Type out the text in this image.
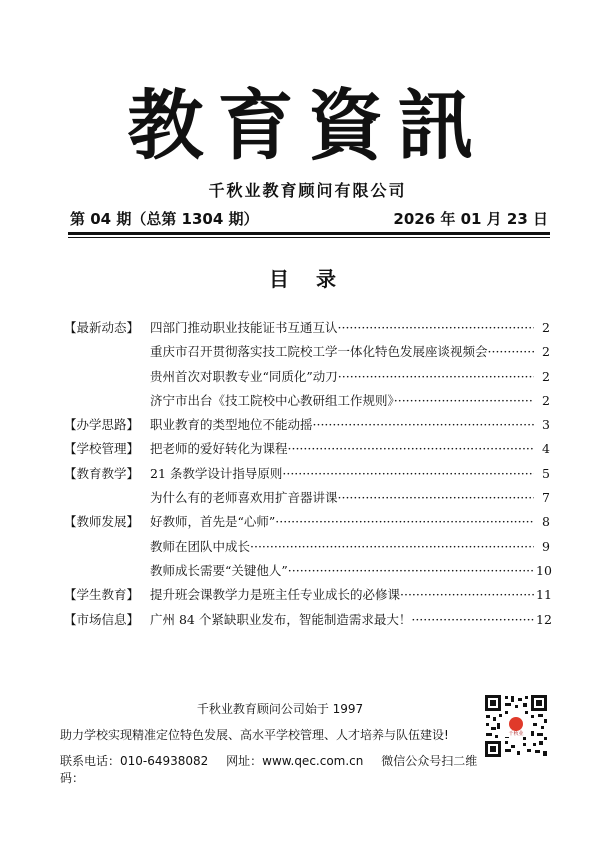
教育資訊
千秋业教育顾问有限公司
第 04 期（总第 1304 期）	2026 年 01 月 23 日
目 录
【最新动态】 四部门推动职业技能证书互通互认 ·····	2
重庆市召开贯彻落实技工院校工学一体化特色发展座谈视频会 ·····	2
贵州首次对职教专业“同质化”动刀 ·····	2
济宁市出台《技工院校中心教研组工作规则》 ·····	2
【办学思路】 职业教育的类型地位不能动摇 ·····	3
【学校管理】 把老师的爱好转化为课程 ·····	4
【教育教学】 21 条教学设计指导原则 ·····	5
为什么有的老师喜欢用扩音器讲课 ·····	7
【教师发展】 好教师，首先是“心师” ·····	8
教师在团队中成长 ·····	9
教师成长需要“关键他人” ·····	10
【学生教育】 提升班会课教学力是班主任专业成长的必修课 ·····	11
【市场信息】 广州 84 个紧缺职业发布，智能制造需求最大！ ·····	12
千秋业教育顾问公司始于 1997
助力学校实现精准定位特色发展、高水平学校管理、人才培养与队伍建设!
联系电话：010-64938082 网址：www.qec.com.cn 微信公众号扫二维码：
千秋业
